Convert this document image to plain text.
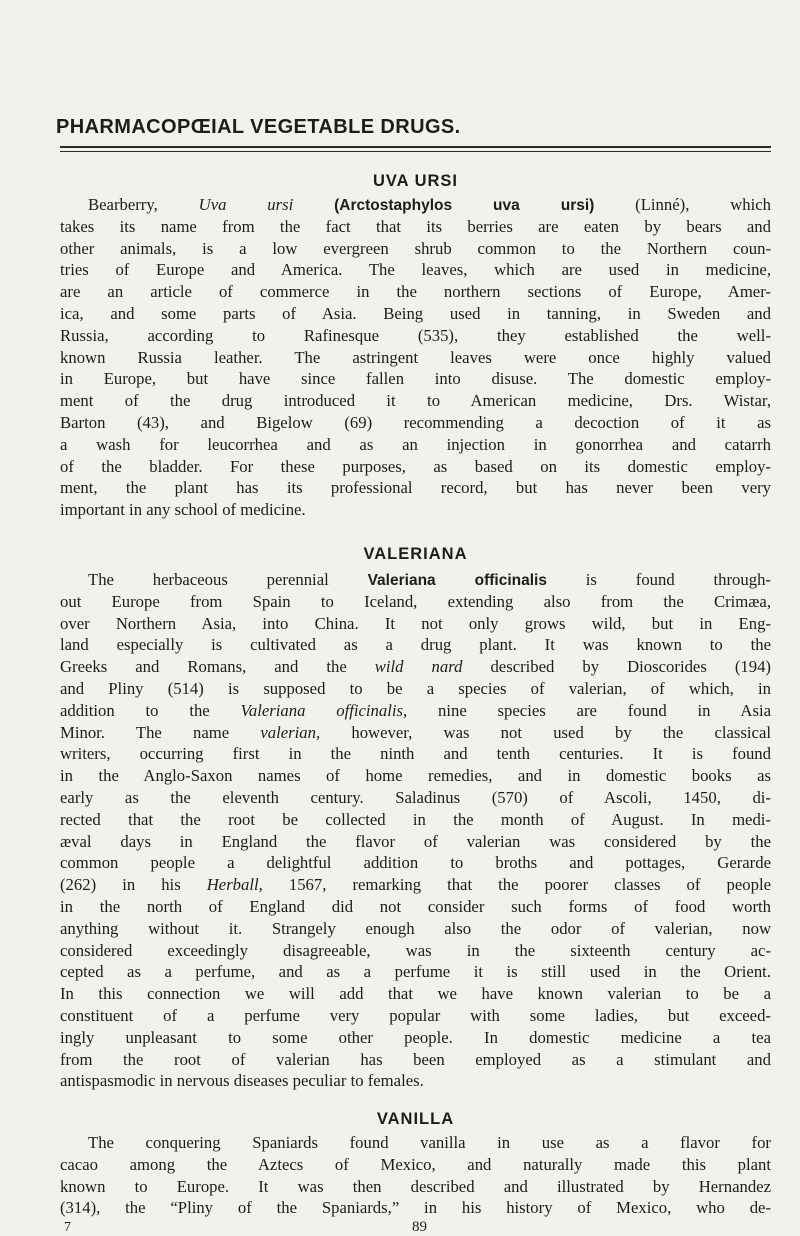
PHARMACOPŒIAL VEGETABLE DRUGS.
UVA URSI
Bearberry, Uva ursi	(Arctostaphylos uva ursi) (Linné), which
takes its name from the fact that its berries are eaten by bears and
other animals, is a low evergreen shrub common to the Northern coun-
tries of Europe and America. The leaves, which are used in medicine,
are an article of commerce in the northern sections of Europe, Amer-
ica, and some parts of Asia. Being used in tanning, in Sweden and
Russia, according to Rafinesque (535), they established the well-
known Russia leather. The astringent leaves were once highly valued
in Europe, but have since fallen into disuse. The domestic employ-
ment of the drug introduced it to American medicine, Drs. Wistar,
Barton (43), and Bigelow (69) recommending a decoction of it as
a wash for leucorrhea and as an injection in gonorrhea and catarrh
of the bladder. For these purposes, as based on its domestic employ-
ment, the plant has its professional record, but has never been very
important in any school of medicine.
VALERIANA
The herbaceous perennial Valeriana officinalis is found through-
out Europe from Spain to Iceland, extending also from the Crimæa,
over Northern Asia, into China. It not only grows wild, but in Eng-
land especially is cultivated as a drug plant. It was known to the
Greeks and Romans, and the wild nard described by Dioscorides (194)
and Pliny (514) is supposed to be a species of valerian, of which, in
addition to the Valeriana officinalis, nine species are found in Asia
Minor. The name valerian, however, was not used by the classical
writers, occurring first in the ninth and tenth centuries. It is found
in the Anglo-Saxon names of home remedies, and in domestic books as
early as the eleventh century. Saladinus (570) of Ascoli, 1450, di-
rected that the root be collected in the month of August. In medi-
æval days in England the flavor of valerian was considered by the
common people a delightful addition to broths and pottages, Gerarde
(262) in his Herball, 1567, remarking that the poorer classes of people
in the north of England did not consider such forms of food worth
anything without it. Strangely enough also the odor of valerian, now
considered exceedingly disagreeable, was in the sixteenth century ac-
cepted as a perfume, and as a perfume it is still used in the Orient.
In this connection we will add that we have known valerian to be a
constituent of a perfume very popular with some ladies, but exceed-
ingly unpleasant to some other people. In domestic medicine a tea
from the root of valerian has been employed as a stimulant and
antispasmodic in nervous diseases peculiar to females.
VANILLA
The conquering Spaniards found vanilla in use as a flavor for
cacao among the Aztecs of Mexico, and naturally made this plant
known to Europe. It was then described and illustrated by Hernandez
(314), the “Pliny of the Spaniards,” in his history of Mexico, who de-
7	89
